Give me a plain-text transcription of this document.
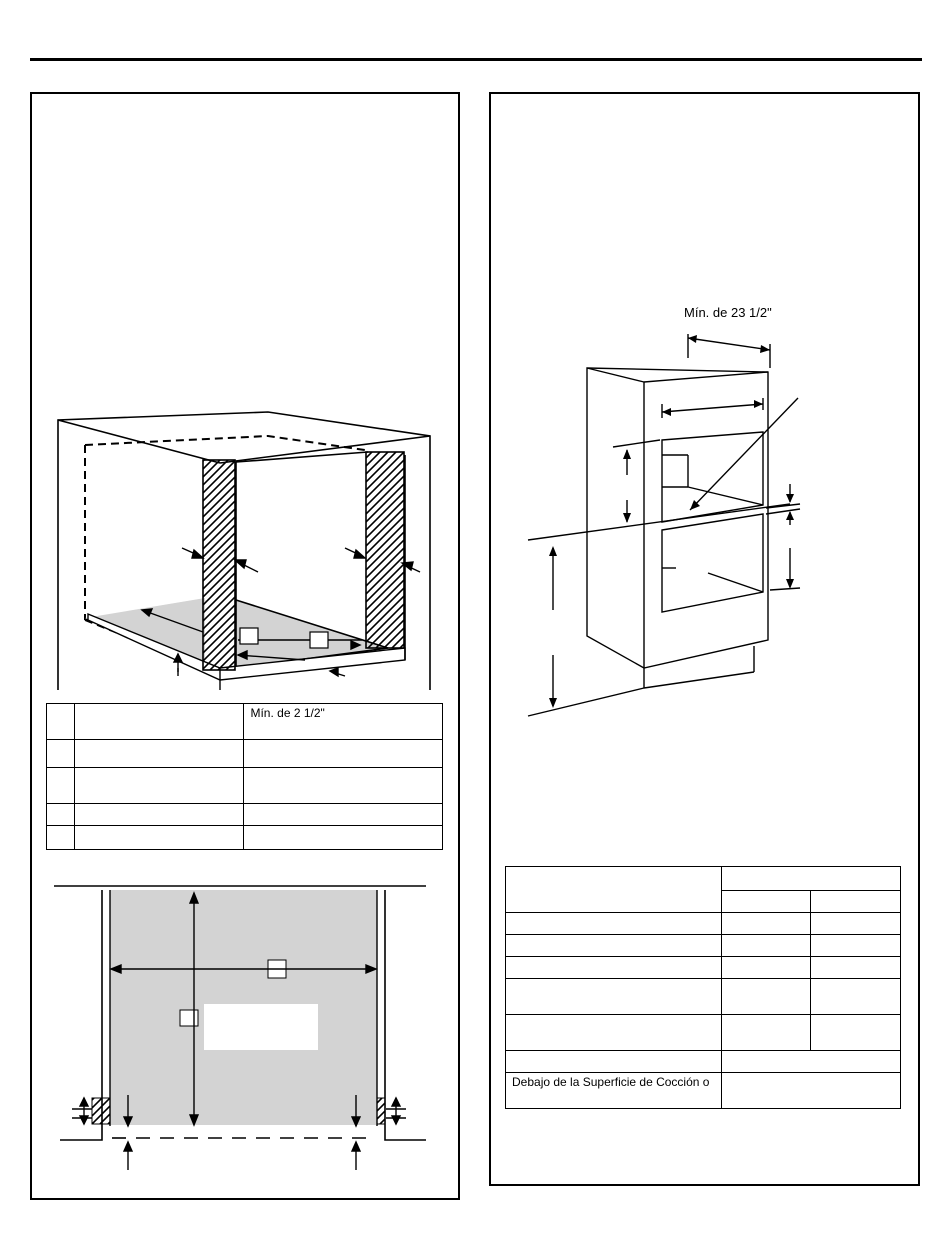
		Mín. de 2 1/2"

Mín. de 23 1/2"

Debajo de la Superficie de Cocción o		
